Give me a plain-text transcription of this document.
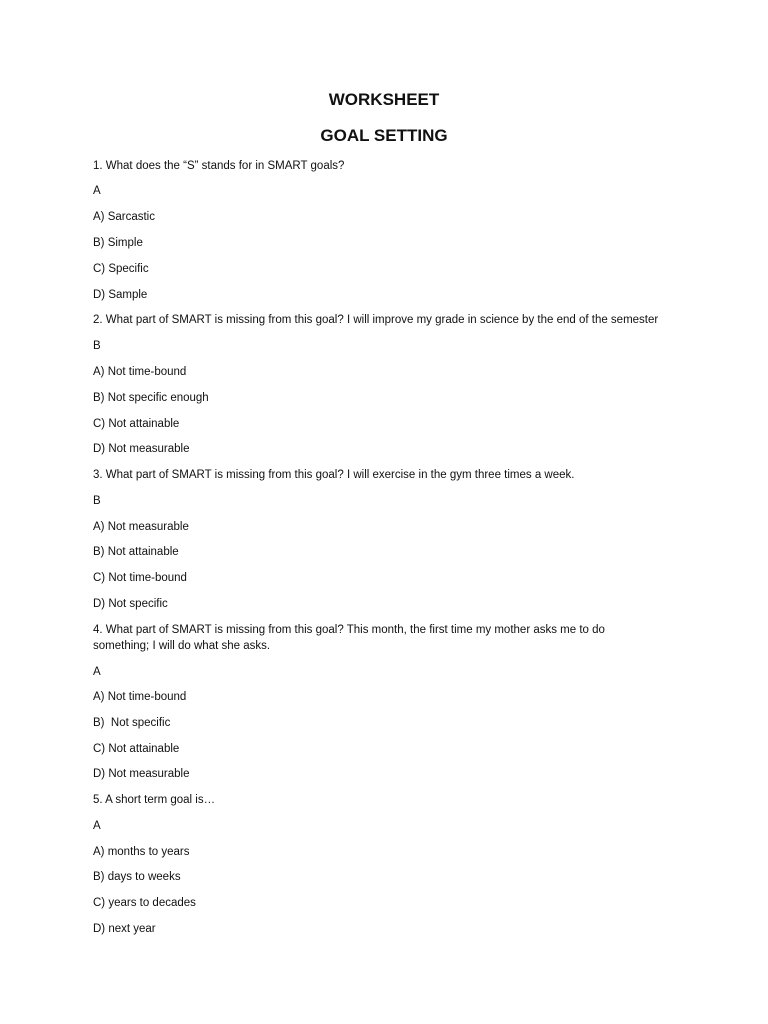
WORKSHEET
GOAL SETTING
1. What does the “S” stands for in SMART goals?
A
A) Sarcastic
B) Simple
C) Specific
D) Sample
2. What part of SMART is missing from this goal? I will improve my grade in science by the end of the semester
B
A) Not time-bound
B) Not specific enough
C) Not attainable
D) Not measurable
3. What part of SMART is missing from this goal? I will exercise in the gym three times a week.
B
A) Not measurable
B) Not attainable
C) Not time-bound
D) Not specific
4. What part of SMART is missing from this goal? This month, the first time my mother asks me to do something; I will do what she asks.
A
A) Not time-bound
B)  Not specific
C) Not attainable
D) Not measurable
5. A short term goal is…
A
A) months to years
B) days to weeks
C) years to decades
D) next year
